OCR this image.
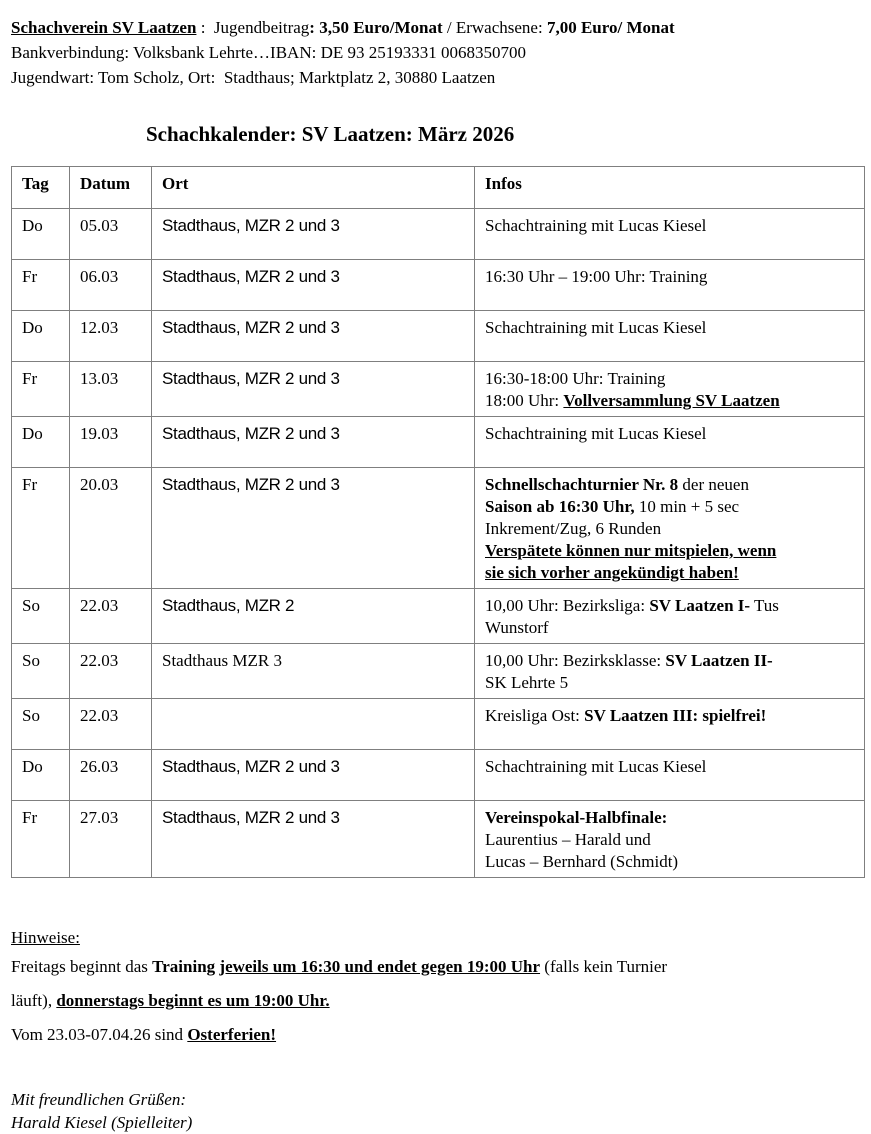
Schachverein SV Laatzen :  Jugendbeitrag: 3,50 Euro/Monat / Erwachsene: 7,00 Euro/ Monat

Bankverbindung: Volksbank Lehrte…IBAN: DE 93 25193331 0068350700

Jugendwart: Tom Scholz, Ort:  Stadthaus; Marktplatz 2, 30880 Laatzen

Schachkalender: SV Laatzen: März 2026
Tag	Datum	Ort	Infos
Do	05.03	Stadthaus, MZR 2 und 3	Schachtraining mit Lucas Kiesel

Fr	06.03	Stadthaus, MZR 2 und 3	16:30 Uhr – 19:00 Uhr: Training

Do	12.03	Stadthaus, MZR 2 und 3	Schachtraining mit Lucas Kiesel

Fr	13.03	Stadthaus, MZR 2 und 3	16:30-18:00 Uhr: Training
18:00 Uhr: Vollversammlung SV Laatzen

Do	19.03	Stadthaus, MZR 2 und 3	Schachtraining mit Lucas Kiesel

Fr	20.03	Stadthaus, MZR 2 und 3	Schnellschachturnier Nr. 8 der neuen
Saison ab 16:30 Uhr, 10 min + 5 sec
Inkrement/Zug, 6 Runden
Verspätete können nur mitspielen, wenn
sie sich vorher angekündigt haben!

So	22.03	Stadthaus, MZR 2	10,00 Uhr: Bezirksliga: SV Laatzen I- Tus
Wunstorf

So	22.03	Stadthaus MZR 3	10,00 Uhr: Bezirksklasse: SV Laatzen II-
SK Lehrte 5

So	22.03		Kreisliga Ost: SV Laatzen III: spielfrei!

Do	26.03	Stadthaus, MZR 2 und 3	Schachtraining mit Lucas Kiesel

Fr	27.03	Stadthaus, MZR 2 und 3	Vereinspokal-Halbfinale:
Laurentius – Harald und
Lucas – Bernhard (Schmidt)

Hinweise:

Freitags beginnt das Training jeweils um 16:30 und endet gegen 19:00 Uhr (falls kein Turnier

läuft), donnerstags beginnt es um 19:00 Uhr.

Vom 23.03-07.04.26 sind Osterferien!

Mit freundlichen Grüßen:

Harald Kiesel (Spielleiter)
